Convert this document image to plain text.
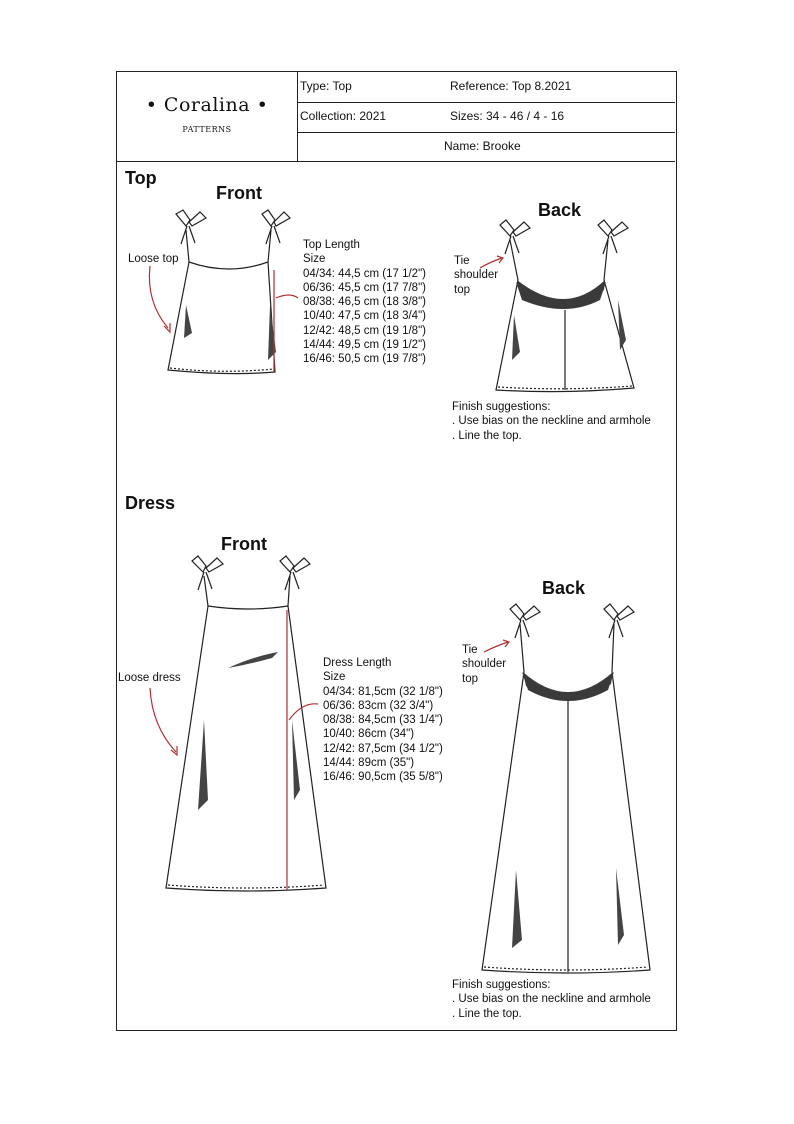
• Coralina •
PATTERNS
Type: Top	Reference: Top 8.2021
Collection: 2021	Sizes: 34 - 46 / 4 - 16
Name: Brooke
Top
Front
Back
Loose top
Top Length
Size
04/34: 44,5 cm (17 1/2")
06/36: 45,5 cm (17 7/8")
08/38: 46,5 cm (18 3/8")
10/40: 47,5 cm (18 3/4")
12/42: 48,5 cm (19 1/8")
14/44: 49,5 cm (19 1/2")
16/46: 50,5 cm (19 7/8")
Tie
shoulder
top
Finish suggestions:
. Use bias on the neckline and armhole
. Line the top.
Dress
Front
Back
Loose dress
Dress Length
Size
04/34: 81,5cm (32 1/8")
06/36: 83cm (32 3/4")
08/38: 84,5cm (33 1/4")
10/40: 86cm (34")
12/42: 87,5cm (34 1/2")
14/44: 89cm (35")
16/46: 90,5cm (35 5/8")
Tie
shoulder
top
Finish suggestions:
. Use bias on the neckline and armhole
. Line the top.
